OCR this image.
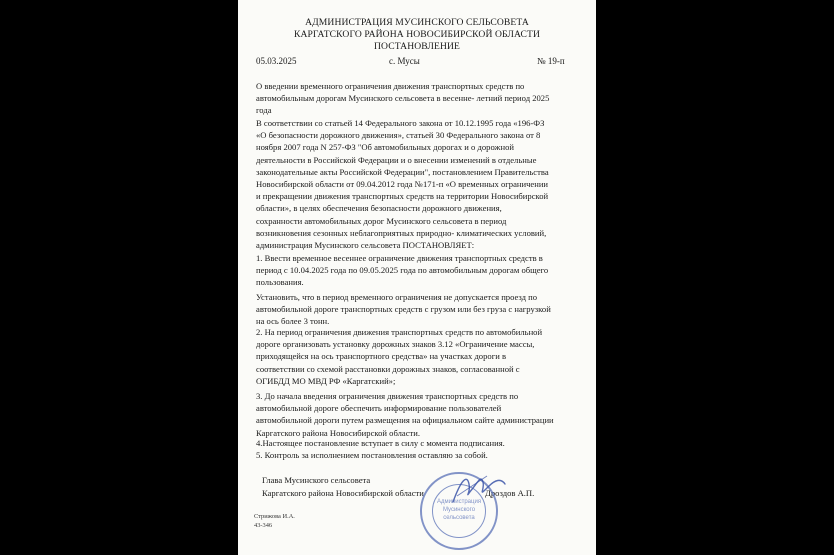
АДМИНИСТРАЦИЯ МУСИНСКОГО СЕЛЬСОВЕТА
КАРГАТСКОГО РАЙОНА НОВОСИБИРСКОЙ ОБЛАСТИ
ПОСТАНОВЛЕНИЕ
05.03.2025	с. Мусы	№ 19-п
О введении временного ограничения движения транспортных средств по
автомобильным дорогам Мусинского сельсовета в весенне- летний период 2025
года
В соответствии со статьей 14 Федерального закона от 10.12.1995 года «196-ФЗ
«О безопасности дорожного движения», статьей 30 Федерального закона от 8
ноября 2007 года N 257-ФЗ "Об автомобильных дорогах и о дорожной
деятельности в Российской Федерации и о внесении изменений в отдельные
законодательные акты Российской Федерации", постановлением Правительства
Новосибирской области от 09.04.2012 года №171-п «О временных ограничении
и прекращении движения транспортных средств на территории Новосибирской
области», в целях обеспечения безопасности дорожного движения,
сохранности автомобильных дорог Мусинского сельсовета в период
возникновения сезонных неблагоприятных природно- климатических условий,
администрация Мусинского сельсовета ПОСТАНОВЛЯЕТ:
1. Ввести временное весеннее ограничение движения транспортных средств в
период с 10.04.2025 года по 09.05.2025 года по автомобильным дорогам общего
пользования.
Установить, что в период временного ограничения не допускается проезд по
автомобильной дороге транспортных средств с грузом или без груза с нагрузкой
на ось более 3 тонн.
2. На период ограничения движения транспортных средств по автомобильной
дороге организовать установку дорожных знаков 3.12 «Ограничение массы,
приходящейся на ось транспортного средства» на участках дороги в
соответствии со схемой расстановки дорожных знаков, согласованной с
ОГИБДД МО МВД РФ «Каргатский»;
3. До начала введения ограничения движения транспортных средств по
автомобильной дороге обеспечить информирование пользователей
автомобильной дороги путем размещения на официальном сайте администрации
Каргатского района Новосибирской области.
4.Настоящее постановление вступает в силу с момента подписания.
5. Контроль за исполнением постановления оставляю за собой.
Глава Мусинского сельсовета
Каргатского района Новосибирской области	Дроздов А.П.
Стрижова И.А.
43-346
Администрация
Мусинского
сельсовета
